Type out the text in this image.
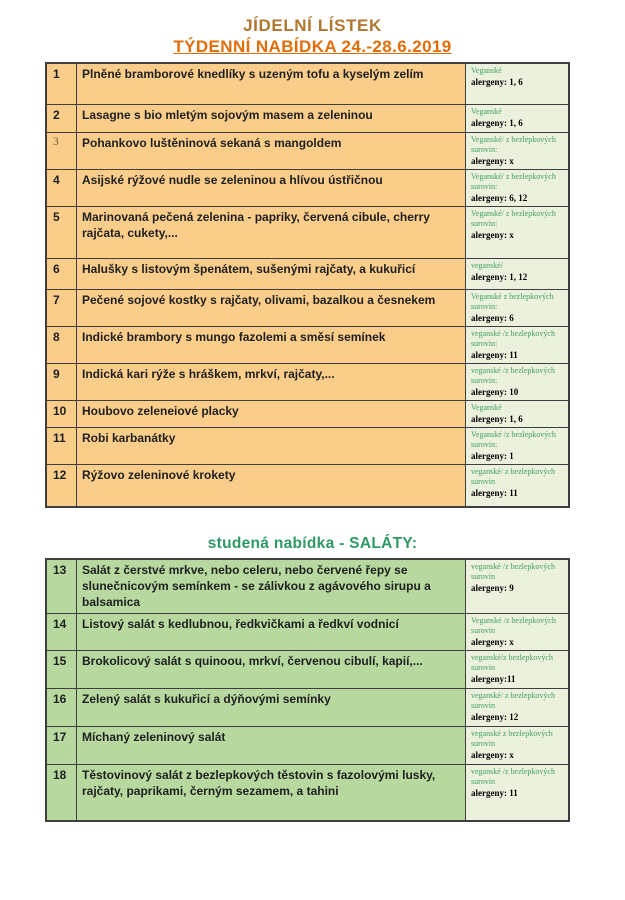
JÍDELNÍ LÍSTEK
TÝDENNÍ NABÍDKA 24.-28.6.2019
1	Plněné bramborové knedlíky s uzeným tofu a kyselým zelím	Veganské
alergeny: 1, 6
2	Lasagne s bio mletým sojovým masem a zeleninou	Veganské
alergeny: 1, 6
3	Pohankovo luštěninová sekaná s mangoldem	Veganské/ z bezlepkových surovin:
alergeny: x
4	Asijské rýžové nudle se zeleninou a hlívou ústřičnou	Veganské/ z bezlepkových surovin:
alergeny: 6, 12
5	Marinovaná pečená zelenina - papriky, červená cibule, cherry rajčata, cukety,...
Veganské/ z bezlepkových surovin:
alergeny: x
6	Halušky s listovým špenátem, sušenými rajčaty, a kukuřicí	veganské/
alergeny: 1, 12
7	Pečené sojové kostky s rajčaty, olivami, bazalkou a česnekem	Veganské z bezlepkových surovin:
alergeny: 6
8	Indické brambory s mungo fazolemi a směsí semínek	veganské /z bezlepkových surovin:
alergeny: 11
9	Indická kari rýže s hráškem, mrkví, rajčaty,...	veganské /z bezlepkových surovin:
alergeny: 10
10	Houbovo zeleneiové placky	Veganské
alergeny: 1, 6
11	Robi karbanátky	Veganské /z bezlepkových surovin:
alergeny: 1
12	Rýžovo zeleninové krokety	veganské/ z bezlepkových surovin
alergeny: 11
studená nabídka - SALÁTY:
13	Salát z čerstvé mrkve, nebo celeru, nebo červené řepy se slunečnicovým semínkem - se zálivkou z agávového sirupu a balsamica
veganské /z bezlepkových surovin
alergeny: 9
14	Listový salát s kedlubnou, ředkvičkami a ředkví vodnicí	Veganské /z bezlepkových surovin
alergeny: x
15	Brokolicový salát s quinoou, mrkví, červenou cibulí, kapií,...	veganské/z bezlepkových surovin
alergeny:11
16	Zelený salát s kukuřicí a dýňovými semínky	veganské/ z bezlepkových surovin
alergeny: 12
17	Míchaný zeleninový salát	veganské z bezlepkových surovin
alergeny: x
18	Těstovinový salát z bezlepkových těstovin s fazolovými lusky, rajčaty, paprikami, černým sezamem, a tahini
veganské /z bezlepkových surovin
alergeny: 11
